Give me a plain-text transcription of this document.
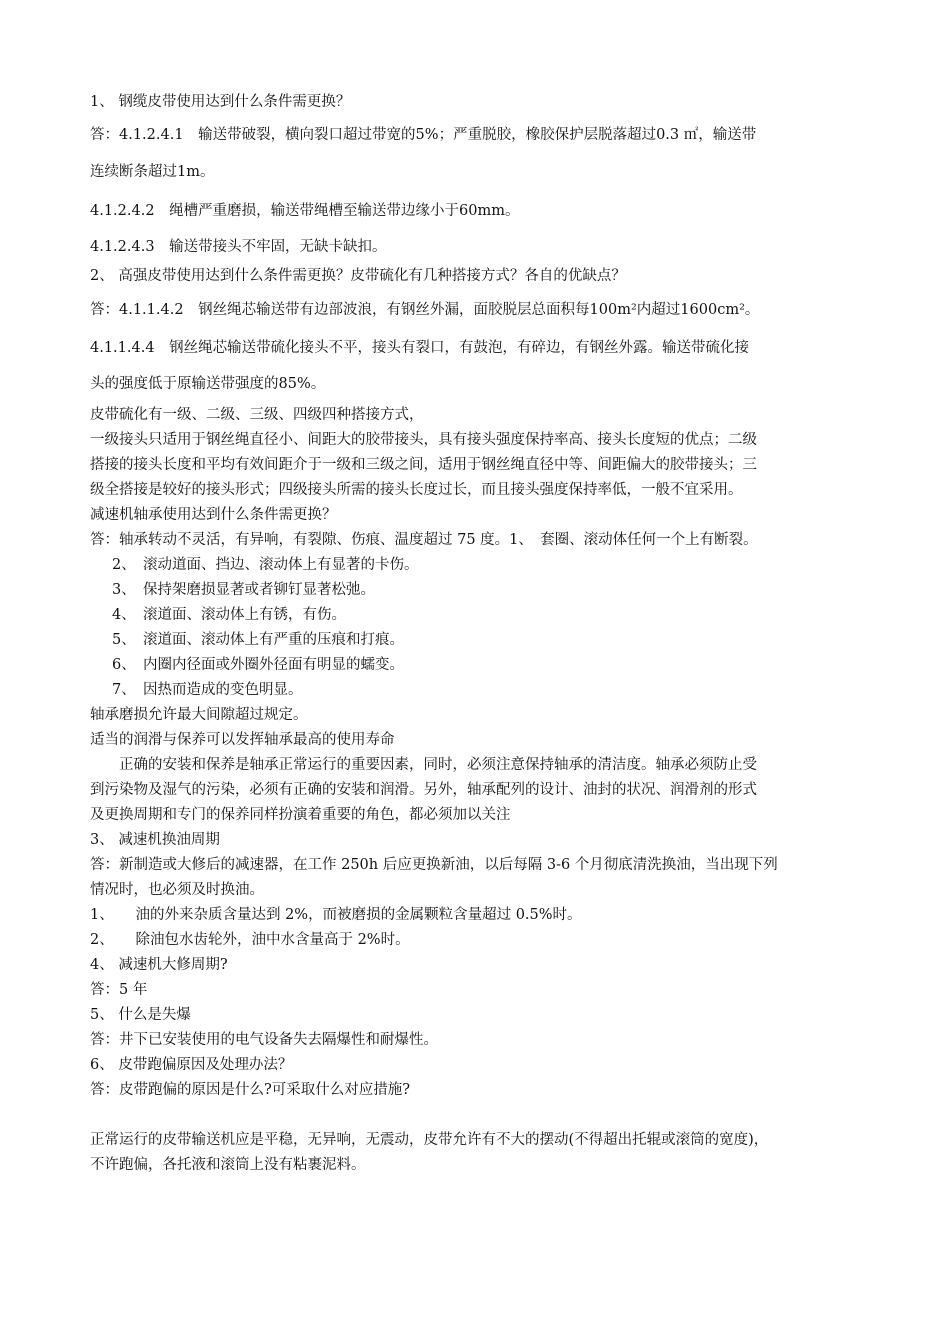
1、 钢缆皮带使用达到什么条件需更换？
答：4.1.2.4.1　输送带破裂，横向裂口超过带宽的5%；严重脱胶，橡胶保护层脱落超过0.3 ㎡，输送带
连续断条超过1m。
4.1.2.4.2　绳槽严重磨损，输送带绳槽至输送带边缘小于60mm。
4.1.2.4.3　输送带接头不牢固，无缺卡缺扣。
2、 高强皮带使用达到什么条件需更换？皮带硫化有几种搭接方式？各自的优缺点？
答：4.1.1.4.2　钢丝绳芯输送带有边部波浪，有钢丝外漏，面胶脱层总面积每100m²内超过1600cm²。
4.1.1.4.4　钢丝绳芯输送带硫化接头不平，接头有裂口，有鼓泡，有碎边，有钢丝外露。输送带硫化接
头的强度低于原输送带强度的85%。
皮带硫化有一级、二级、三级、四级四种搭接方式，
一级接头只适用于钢丝绳直径小、间距大的胶带接头，具有接头强度保持率高、接头长度短的优点；二级
搭接的接头长度和平均有效间距介于一级和三级之间，适用于钢丝绳直径中等、间距偏大的胶带接头；三
级全搭接是较好的接头形式；四级接头所需的接头长度过长，而且接头强度保持率低，一般不宜采用。
减速机轴承使用达到什么条件需更换？
答：轴承转动不灵活，有异响，有裂隙、伤痕、温度超过 75 度。1、　套圈、滚动体任何一个上有断裂。
2、　滚动道面、挡边、滚动体上有显著的卡伤。
3、　保持架磨损显著或者铆钉显著松弛。
4、　滚道面、滚动体上有锈，有伤。
5、　滚道面、滚动体上有严重的压痕和打痕。
6、　内圈内径面或外圈外径面有明显的蠕变。
7、　因热而造成的变色明显。
轴承磨损允许最大间隙超过规定。
适当的润滑与保养可以发挥轴承最高的使用寿命
　　正确的安装和保养是轴承正常运行的重要因素，同时，必须注意保持轴承的清洁度。轴承必须防止受
到污染物及湿气的污染，必须有正确的安装和润滑。另外，轴承配列的设计、油封的状况、润滑剂的形式
及更换周期和专门的保养同样扮演着重要的角色，都必须加以关注
3、 减速机换油周期
答：新制造或大修后的减速器，在工作 250h 后应更换新油，以后每隔 3-6 个月彻底清洗换油，当出现下列
情况时，也必须及时换油。
1、　　油的外来杂质含量达到 2%，而被磨损的金属颗粒含量超过 0.5%时。
2、　　除油包水齿轮外，油中水含量高于 2%时。
4、 减速机大修周期?
答：5 年
5、 什么是失爆
答：井下已安装使用的电气设备失去隔爆性和耐爆性。
6、 皮带跑偏原因及处理办法？
答：皮带跑偏的原因是什么?可采取什么对应措施?
正常运行的皮带输送机应是平稳，无异响，无震动，皮带允许有不大的摆动(不得超出托辊或滚筒的宽度)，
不许跑偏，各托液和滚筒上没有粘裹泥料。
